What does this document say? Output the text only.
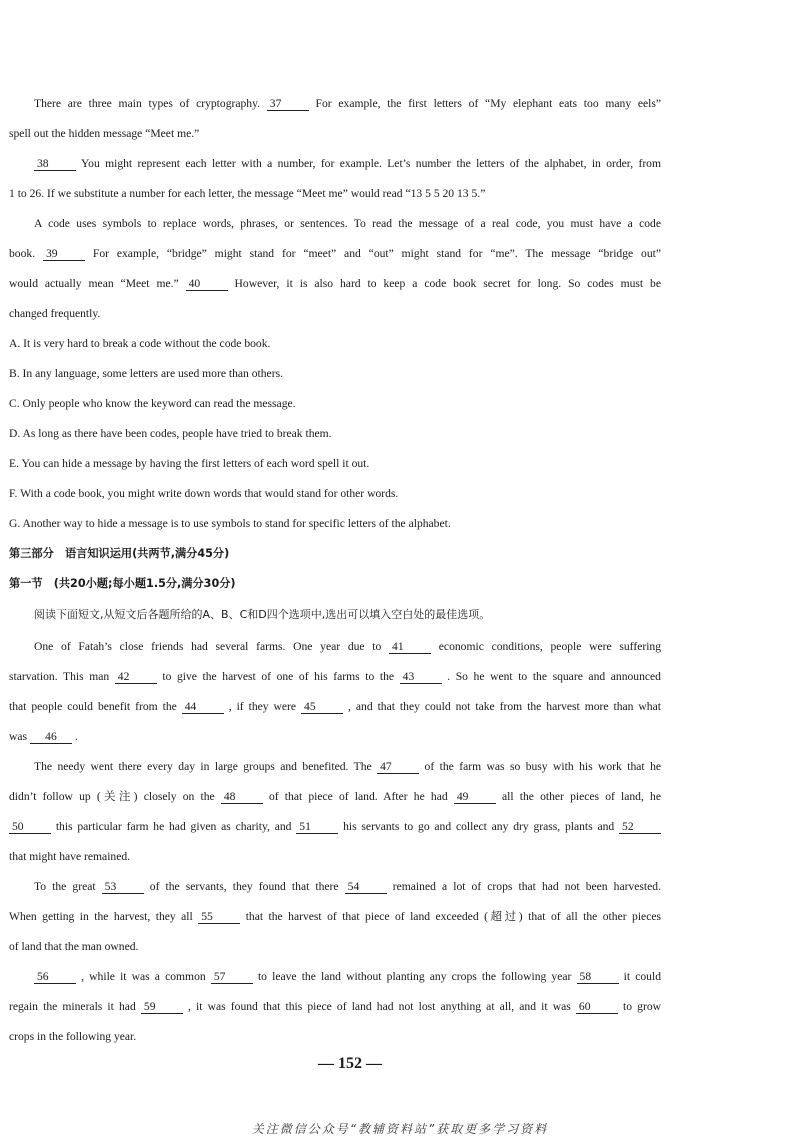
There are three main types of cryptography. 37	For example, the first letters of “My elephant eats too many eels”
spell out the hidden message “Meet me.”
38	You might represent each letter with a number, for example. Let’s number the letters of the alphabet, in order, from
1 to 26. If we substitute a number for each letter, the message “Meet me” would read “13 5 5 20 13 5.”
A code uses symbols to replace words, phrases, or sentences. To read the message of a real code, you must have a code
book. 39	For example, “bridge” might stand for “meet” and “out” might stand for “me”. The message “bridge out”
would actually mean “Meet me.” 40	However, it is also hard to keep a code book secret for long. So codes must be
changed frequently.
A. It is very hard to break a code without the code book.
B. In any language, some letters are used more than others.
C. Only people who know the keyword can read the message.
D. As long as there have been codes, people have tried to break them.
E. You can hide a message by having the first letters of each word spell it out.
F. With a code book, you might write down words that would stand for other words.
G. Another way to hide a message is to use symbols to stand for specific letters of the alphabet.
第三部分　语言知识运用(共两节,满分45分)
第一节　(共20小题;每小题1.5分,满分30分)
阅读下面短文,从短文后各题所给的A、B、C和D四个选项中,选出可以填入空白处的最佳选项。
One of Fatah’s close friends had several farms. One year due to 41	economic conditions, people were suffering
starvation. This man 42	to give the harvest of one of his farms to the 43	. So he went to the square and announced
that people could benefit from the 44	, if they were 45	, and that they could not take from the harvest more than what
was 46 .
The needy went there every day in large groups and benefited. The 47	of the farm was so busy with his work that he
didn’t follow up (关注) closely on the 48	of that piece of land. After he had 49	all the other pieces of land, he
50	this particular farm he had given as charity, and 51	his servants to go and collect any dry grass, plants and 52
that might have remained.
To the great 53	of the servants, they found that there 54	remained a lot of crops that had not been harvested.
When getting in the harvest, they all 55	that the harvest of that piece of land exceeded (超过) that of all the other pieces
of land that the man owned.
56	, while it was a common 57	to leave the land without planting any crops the following year 58	it could
regain the minerals it had 59	, it was found that this piece of land had not lost anything at all, and it was 60	to grow
crops in the following year.
— 152 —
关注微信公众号“教辅资料站”获取更多学习资料
